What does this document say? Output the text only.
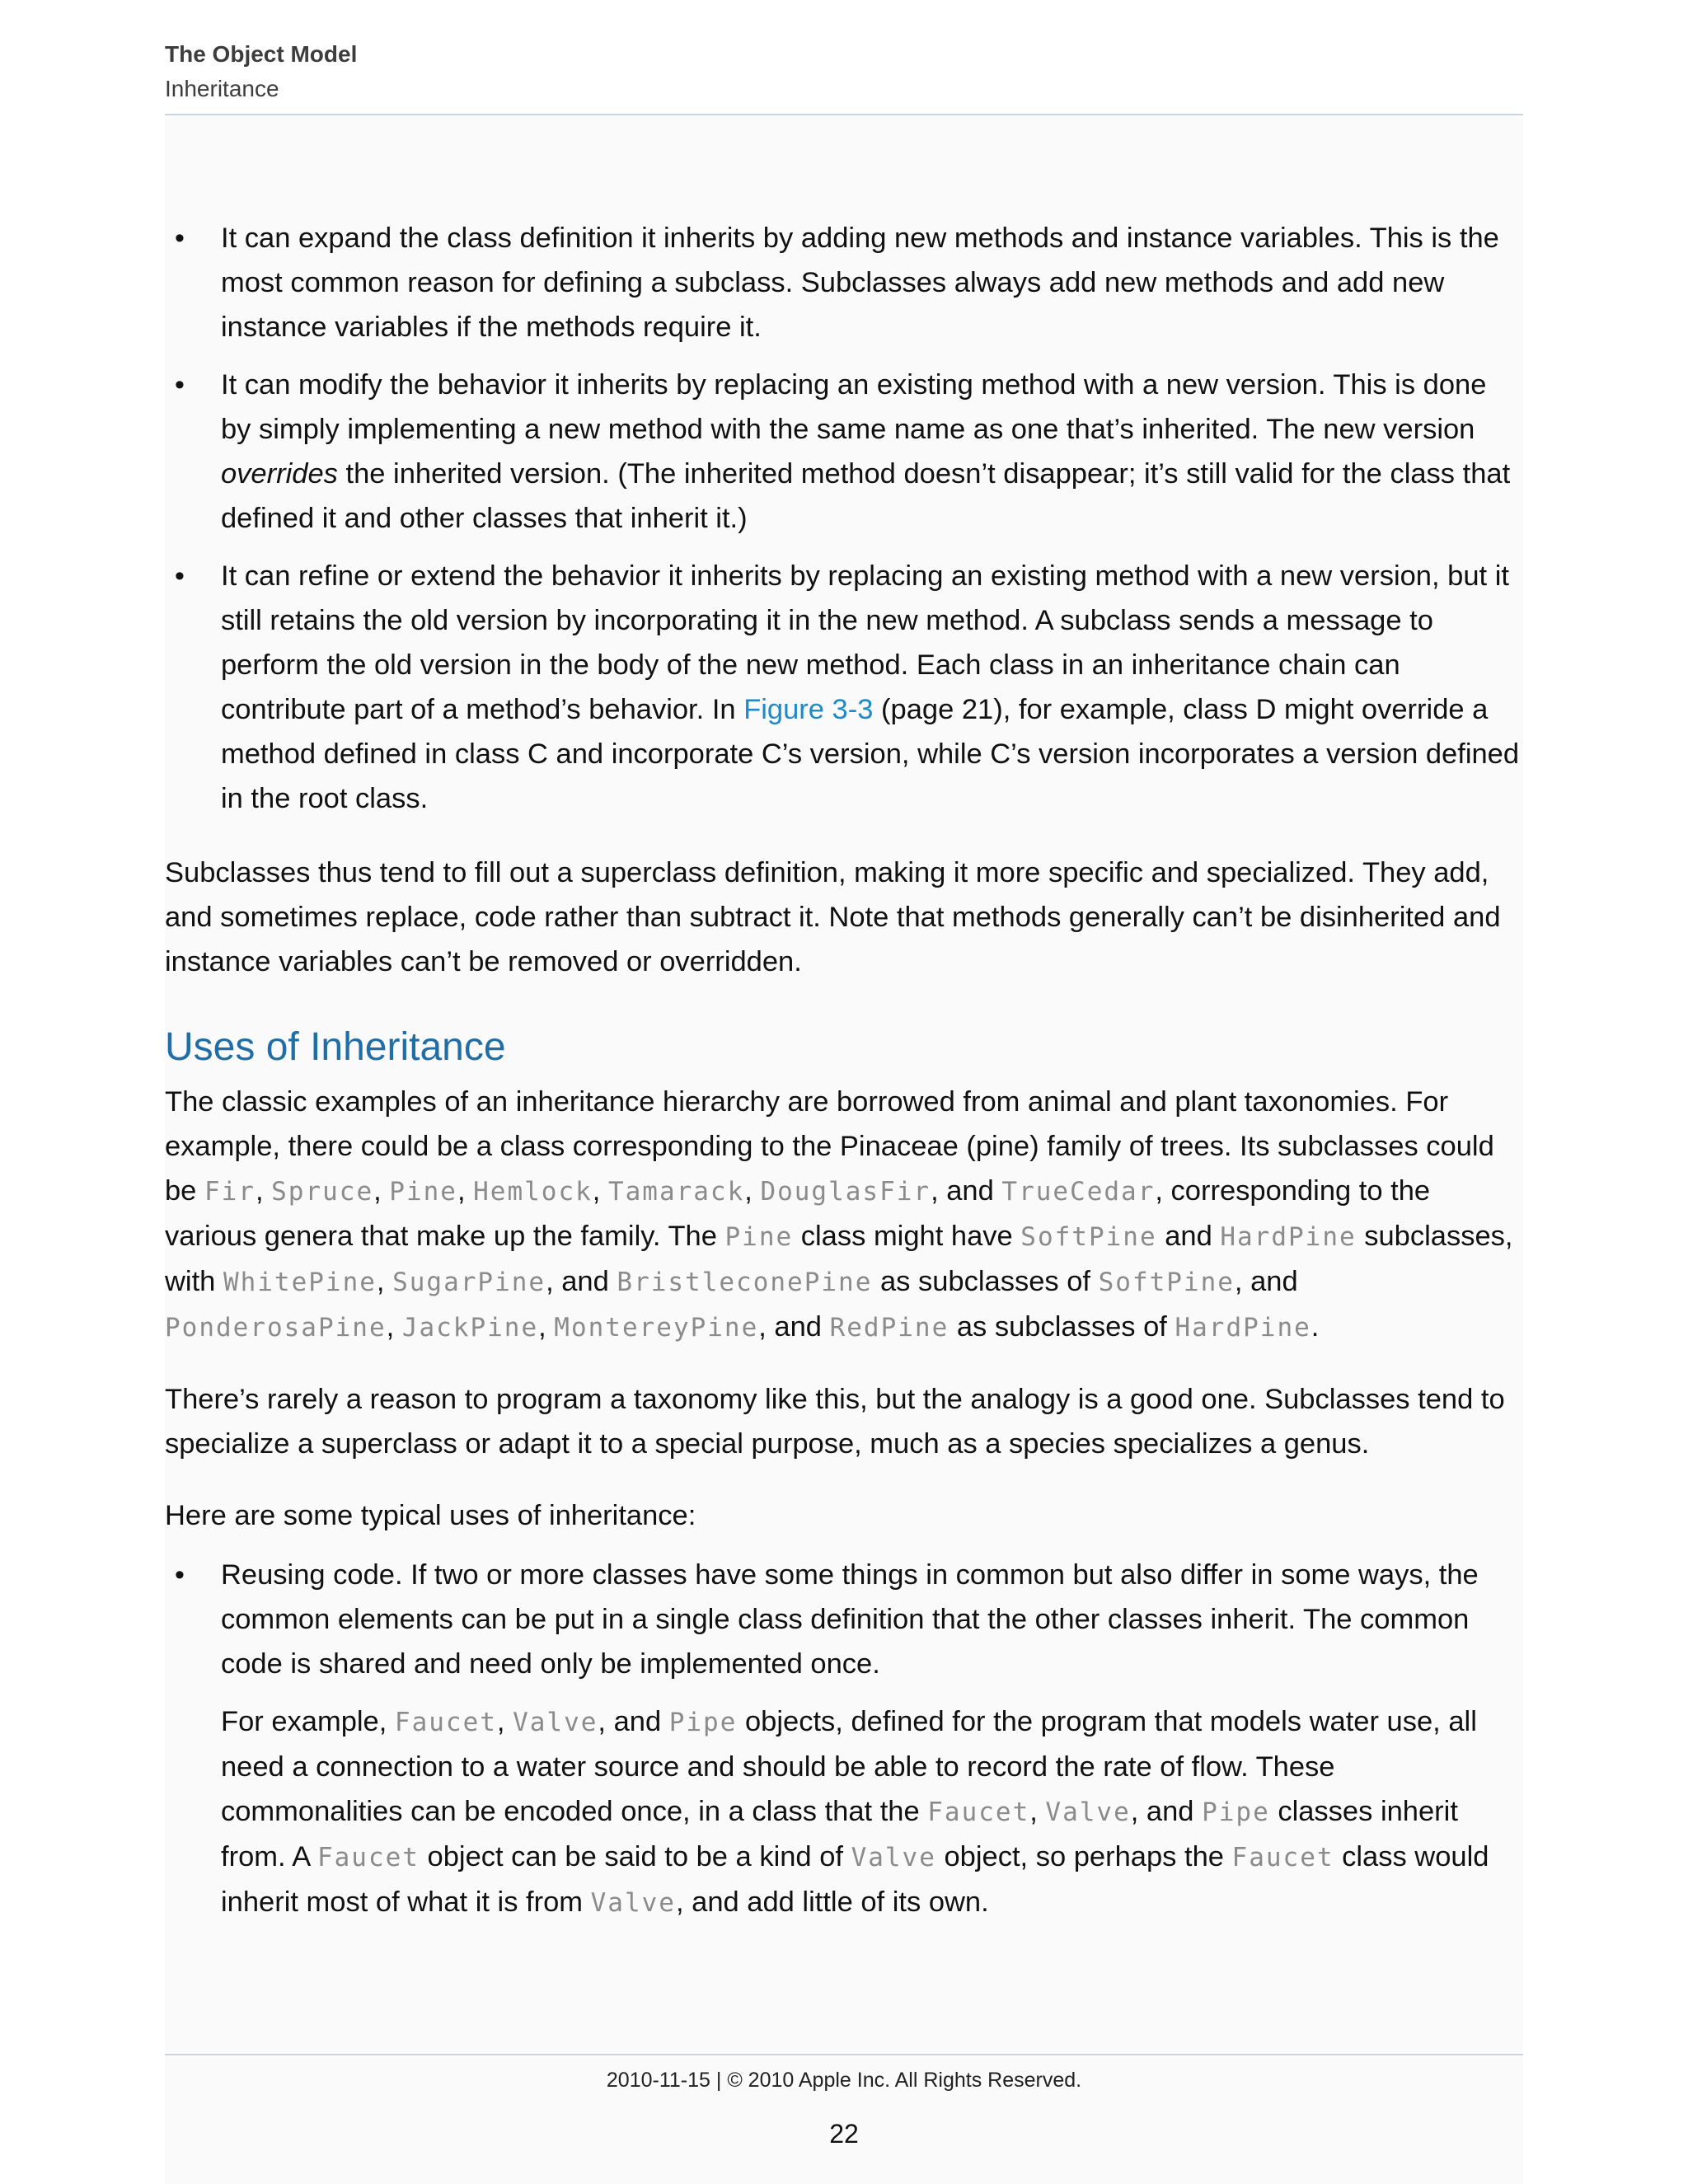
The Object Model
Inheritance
• It can expand the class definition it inherits by adding new methods and instance variables. This is the most common reason for defining a subclass. Subclasses always add new methods and add new instance variables if the methods require it.
• It can modify the behavior it inherits by replacing an existing method with a new version. This is done by simply implementing a new method with the same name as one that’s inherited. The new version overrides the inherited version. (The inherited method doesn’t disappear; it’s still valid for the class that defined it and other classes that inherit it.)
• It can refine or extend the behavior it inherits by replacing an existing method with a new version, but it still retains the old version by incorporating it in the new method. A subclass sends a message to perform the old version in the body of the new method. Each class in an inheritance chain can contribute part of a method’s behavior. In Figure 3-3 (page 21), for example, class D might override a method defined in class C and incorporate C’s version, while C’s version incorporates a version defined in the root class.

Subclasses thus tend to fill out a superclass definition, making it more specific and specialized. They add, and sometimes replace, code rather than subtract it. Note that methods generally can’t be disinherited and instance variables can’t be removed or overridden.

Uses of Inheritance

The classic examples of an inheritance hierarchy are borrowed from animal and plant taxonomies. For example, there could be a class corresponding to the Pinaceae (pine) family of trees. Its subclasses could be Fir, Spruce, Pine, Hemlock, Tamarack, DouglasFir, and TrueCedar, corresponding to the various genera that make up the family. The Pine class might have SoftPine and HardPine subclasses, with WhitePine, SugarPine, and BristleconePine as subclasses of SoftPine, and PonderosaPine, JackPine, MontereyPine, and RedPine as subclasses of HardPine.

There’s rarely a reason to program a taxonomy like this, but the analogy is a good one. Subclasses tend to specialize a superclass or adapt it to a special purpose, much as a species specializes a genus.

Here are some typical uses of inheritance:

• Reusing code. If two or more classes have some things in common but also differ in some ways, the common elements can be put in a single class definition that the other classes inherit. The common code is shared and need only be implemented once.
For example, Faucet, Valve, and Pipe objects, defined for the program that models water use, all need a connection to a water source and should be able to record the rate of flow. These commonalities can be encoded once, in a class that the Faucet, Valve, and Pipe classes inherit from. A Faucet object can be said to be a kind of Valve object, so perhaps the Faucet class would inherit most of what it is from Valve, and add little of its own.
2010-11-15 | © 2010 Apple Inc. All Rights Reserved.
22
